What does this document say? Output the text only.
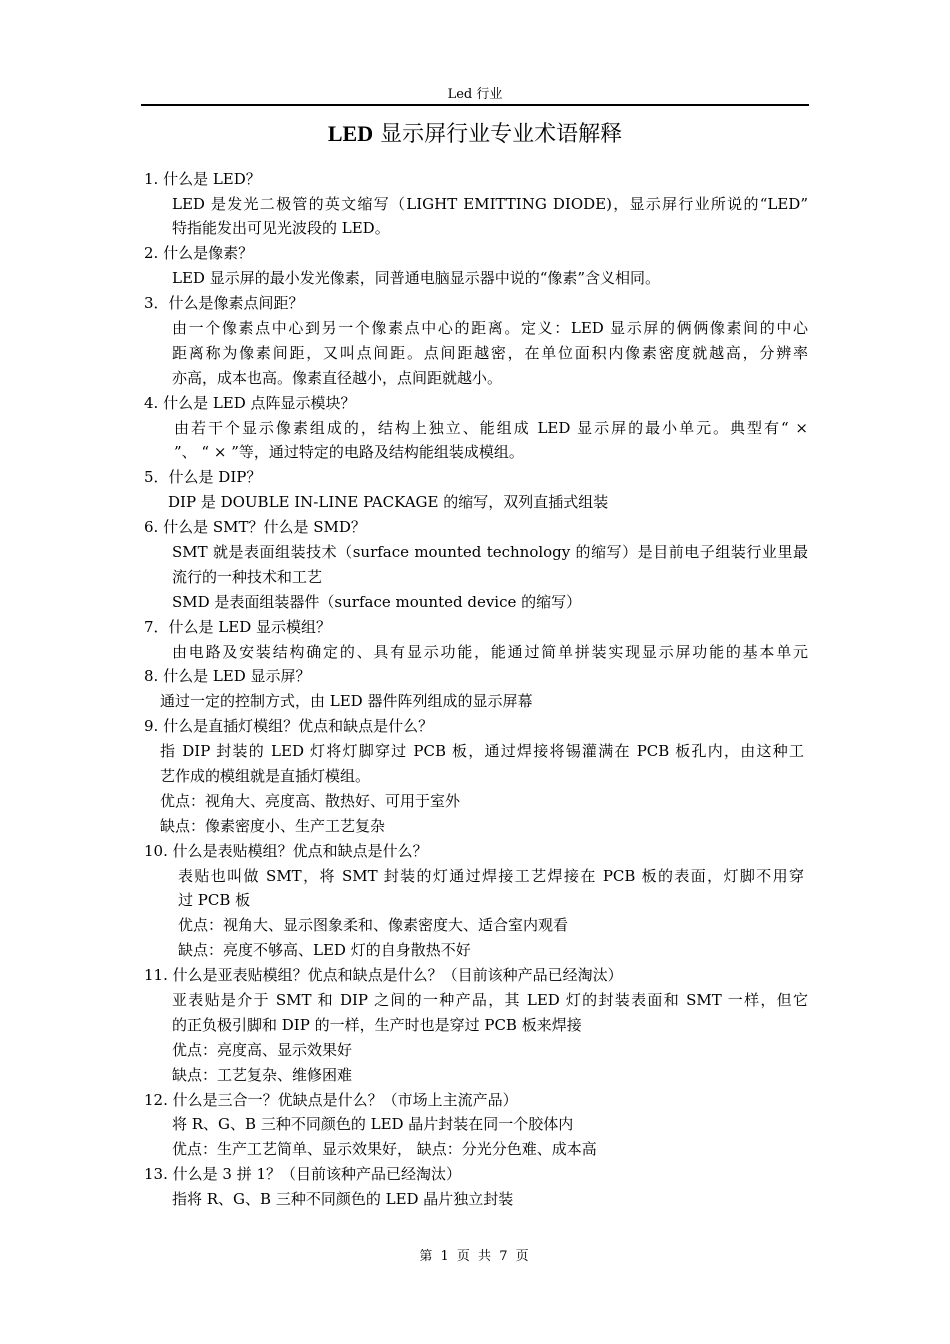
Led 行业
LED 显示屏行业专业术语解释
1. 什么是 LED？
LED 是发光二极管的英文缩写（LIGHT EMITTING DIODE)，显示屏行业所说的“LED”
特指能发出可见光波段的 LED。
2. 什么是像素？
LED 显示屏的最小发光像素，同普通电脑显示器中说的“像素”含义相同。
3．什么是像素点间距？
由一个像素点中心到另一个像素点中心的距离。定义：LED 显示屏的俩俩像素间的中心
距离称为像素间距，又叫点间距。点间距越密，在单位面积内像素密度就越高，分辨率
亦高，成本也高。像素直径越小，点间距就越小。
4. 什么是 LED 点阵显示模块？
由若干个显示像素组成的，结构上独立、能组成 LED 显示屏的最小单元。典型有“ ×
”、 “ × ”等，通过特定的电路及结构能组装成模组。
5．什么是 DIP？
DIP 是 DOUBLE IN-LINE PACKAGE 的缩写，双列直插式组装
6. 什么是 SMT？什么是 SMD？
SMT 就是表面组装技术（surface mounted technology 的缩写）是目前电子组装行业里最
流行的一种技术和工艺
SMD 是表面组装器件（surface mounted device 的缩写）
7．什么是 LED 显示模组？
由电路及安装结构确定的、具有显示功能，能通过简单拼装实现显示屏功能的基本单元
8. 什么是 LED 显示屏？
通过一定的控制方式，由 LED 器件阵列组成的显示屏幕
9. 什么是直插灯模组？优点和缺点是什么？
指 DIP 封装的 LED 灯将灯脚穿过 PCB 板，通过焊接将锡灌满在 PCB 板孔内，由这种工
艺作成的模组就是直插灯模组。
优点：视角大、亮度高、散热好、可用于室外
缺点：像素密度小、生产工艺复杂
10. 什么是表贴模组？优点和缺点是什么？
表贴也叫做 SMT，将 SMT 封装的灯通过焊接工艺焊接在 PCB 板的表面，灯脚不用穿
过 PCB 板
优点：视角大、显示图象柔和、像素密度大、适合室内观看
缺点：亮度不够高、LED 灯的自身散热不好
11. 什么是亚表贴模组？优点和缺点是什么？（目前该种产品已经淘汰）
亚表贴是介于 SMT 和 DIP 之间的一种产品，其 LED 灯的封装表面和 SMT 一样，但它
的正负极引脚和 DIP 的一样，生产时也是穿过 PCB 板来焊接
优点：亮度高、显示效果好
缺点：工艺复杂、维修困难
12. 什么是三合一？优缺点是什么？（市场上主流产品）
将 R、G、B 三种不同颜色的 LED 晶片封装在同一个胶体内
优点：生产工艺简单、显示效果好， 缺点：分光分色难、成本高
13. 什么是 3 拼 1？（目前该种产品已经淘汰）
指将 R、G、B 三种不同颜色的 LED 晶片独立封装
第 1 页 共 7 页
